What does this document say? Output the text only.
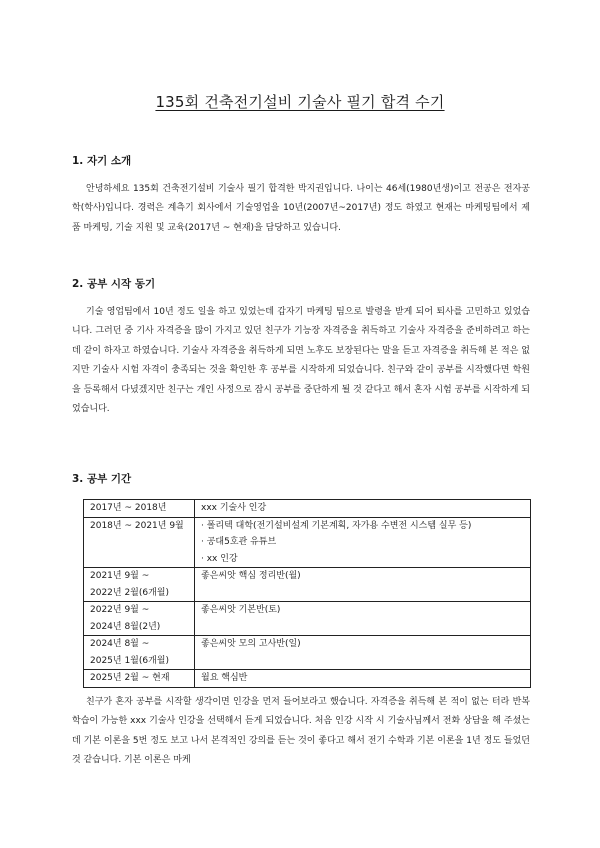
135회 건축전기설비 기술사 필기 합격 수기
1. 자기 소개

안녕하세요 135회 건축전기설비 기술사 필기 합격한 박지권입니다. 나이는 46세(1980년생)이고 전공은 전자공학(학사)입니다. 경력은 계측기 회사에서 기술영업을 10년(2007년~2017년) 정도 하였고 현재는 마케팅팀에서 제품 마케팅, 기술 지원 및 교육(2017년 ~ 현재)을 담당하고 있습니다.

2. 공부 시작 동기

기술 영업팀에서 10년 정도 일을 하고 있었는데 갑자기 마케팅 팀으로 발령을 받게 되어 퇴사를 고민하고 있었습니다. 그러던 중 기사 자격증을 많이 가지고 있던 친구가 기능장 자격증을 취득하고 기술사 자격증을 준비하려고 하는데 같이 하자고 하였습니다. 기술사 자격증을 취득하게 되면 노후도 보장된다는 말을 듣고 자격증을 취득해 본 적은 없지만 기술사 시험 자격이 충족되는 것을 확인한 후 공부를 시작하게 되었습니다. 친구와 같이 공부를 시작했다면 학원을 등록해서 다녔겠지만 친구는 개인 사정으로 잠시 공부를 중단하게 될 것 같다고 해서 혼자 시험 공부를 시작하게 되었습니다.

3. 공부 기간
2017년 ~ 2018년	xxx 기술사 인강

2018년 ~ 2021년 9월	· 폴리텍 대학(전기설비설계 기본계획, 자가용 수변전 시스템 실무 등)
· 공대5호관 유튜브
· xx 인강

2021년 9월 ~
2022년 2월(6개월)	좋은씨앗 핵심 정리반(월)

2022년 9월 ~
2024년 8월(2년)	좋은씨앗 기본반(토)

2024년 8월 ~
2025년 1월(6개월)	좋은씨앗 모의 고사반(일)

2025년 2월 ~ 현재	월요 핵심반

친구가 혼자 공부를 시작할 생각이면 인강을 먼저 들어보라고 했습니다. 자격증을 취득해 본 적이 없는 터라 반복 학습이 가능한 xxx 기술사 인강을 선택해서 듣게 되었습니다. 처음 인강 시작 시 기술사님께서 전화 상담을 해 주셨는데 기본 이론을 5번 정도 보고 나서 본격적인 강의를 듣는 것이 좋다고 해서 전기 수학과 기본 이론을 1년 정도 들었던 것 같습니다. 기본 이론은 마케
